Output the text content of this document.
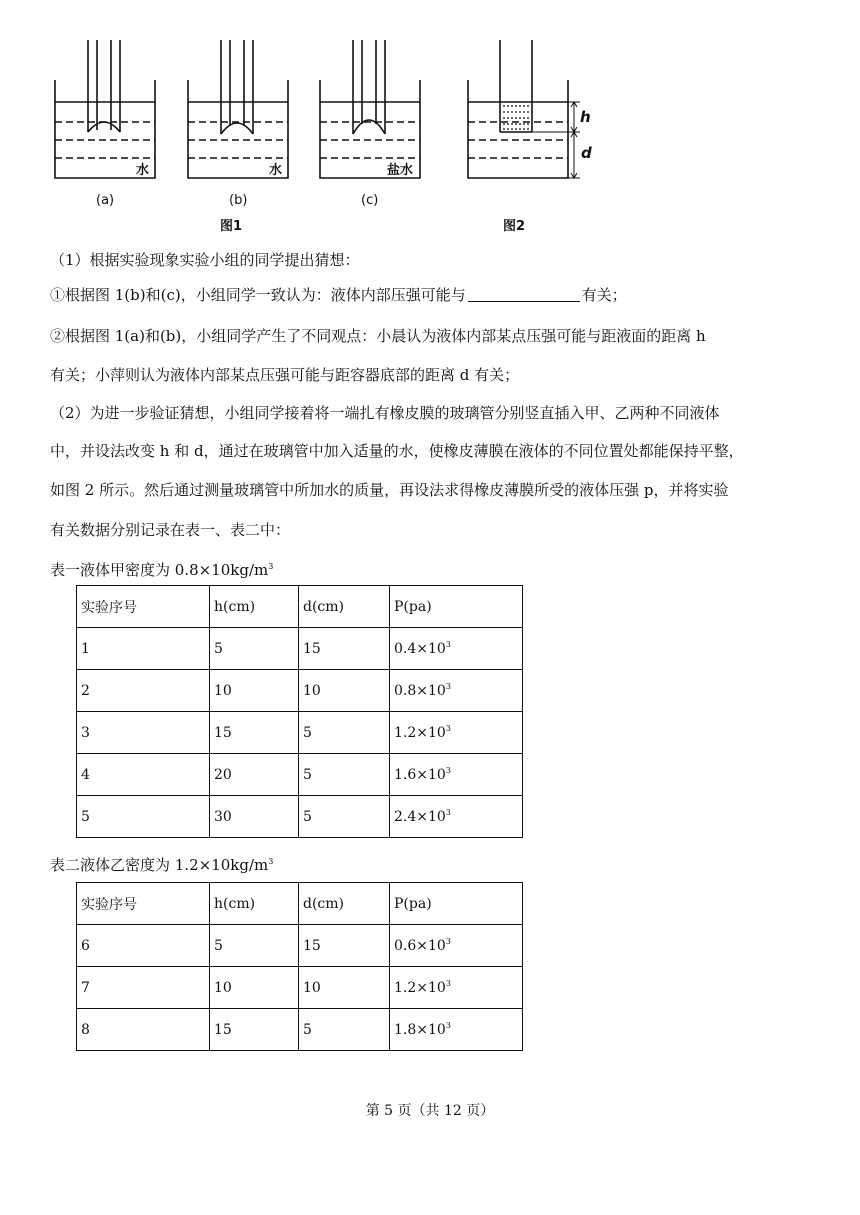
水	水	盐水
(a)	(b)	(c)
图1	图2
h
d
（1）根据实验现象实验小组的同学提出猜想：
①根据图 1(b)和(c)，小组同学一致认为：液体内部压强可能与	有关；
②根据图 1(a)和(b)，小组同学产生了不同观点：小晨认为液体内部某点压强可能与距液面的距离 h
有关；小萍则认为液体内部某点压强可能与距容器底部的距离 d 有关；
（2）为进一步验证猜想，小组同学接着将一端扎有橡皮膜的玻璃管分别竖直插入甲、乙两种不同液体
中，并设法改变 h 和 d，通过在玻璃管中加入适量的水，使橡皮薄膜在液体的不同位置处都能保持平整，
如图 2 所示。然后通过测量玻璃管中所加水的质量，再设法求得橡皮薄膜所受的液体压强 p，并将实验
有关数据分别记录在表一、表二中：
表一液体甲密度为 $0.8\times 10kg/m^3$
实验序号	h(cm)	d(cm)	P(pa)
1	5	15	$0.4\times 10^3$
2	10	10	$0.8\times 10^3$
3	15	5	$1.2\times 10^3$
4	20	5	$1.6\times 10^3$
5	30	5	$2.4\times 10^3$
表二液体乙密度为 $1.2\times 10kg/m^3$
实验序号	h(cm)	d(cm)	P(pa)
6	5	15	$0.6\times 10^3$
7	10	10	$1.2\times 10^3$
8	15	5	$1.8\times 10^3$
第 5 页（共 12 页）
